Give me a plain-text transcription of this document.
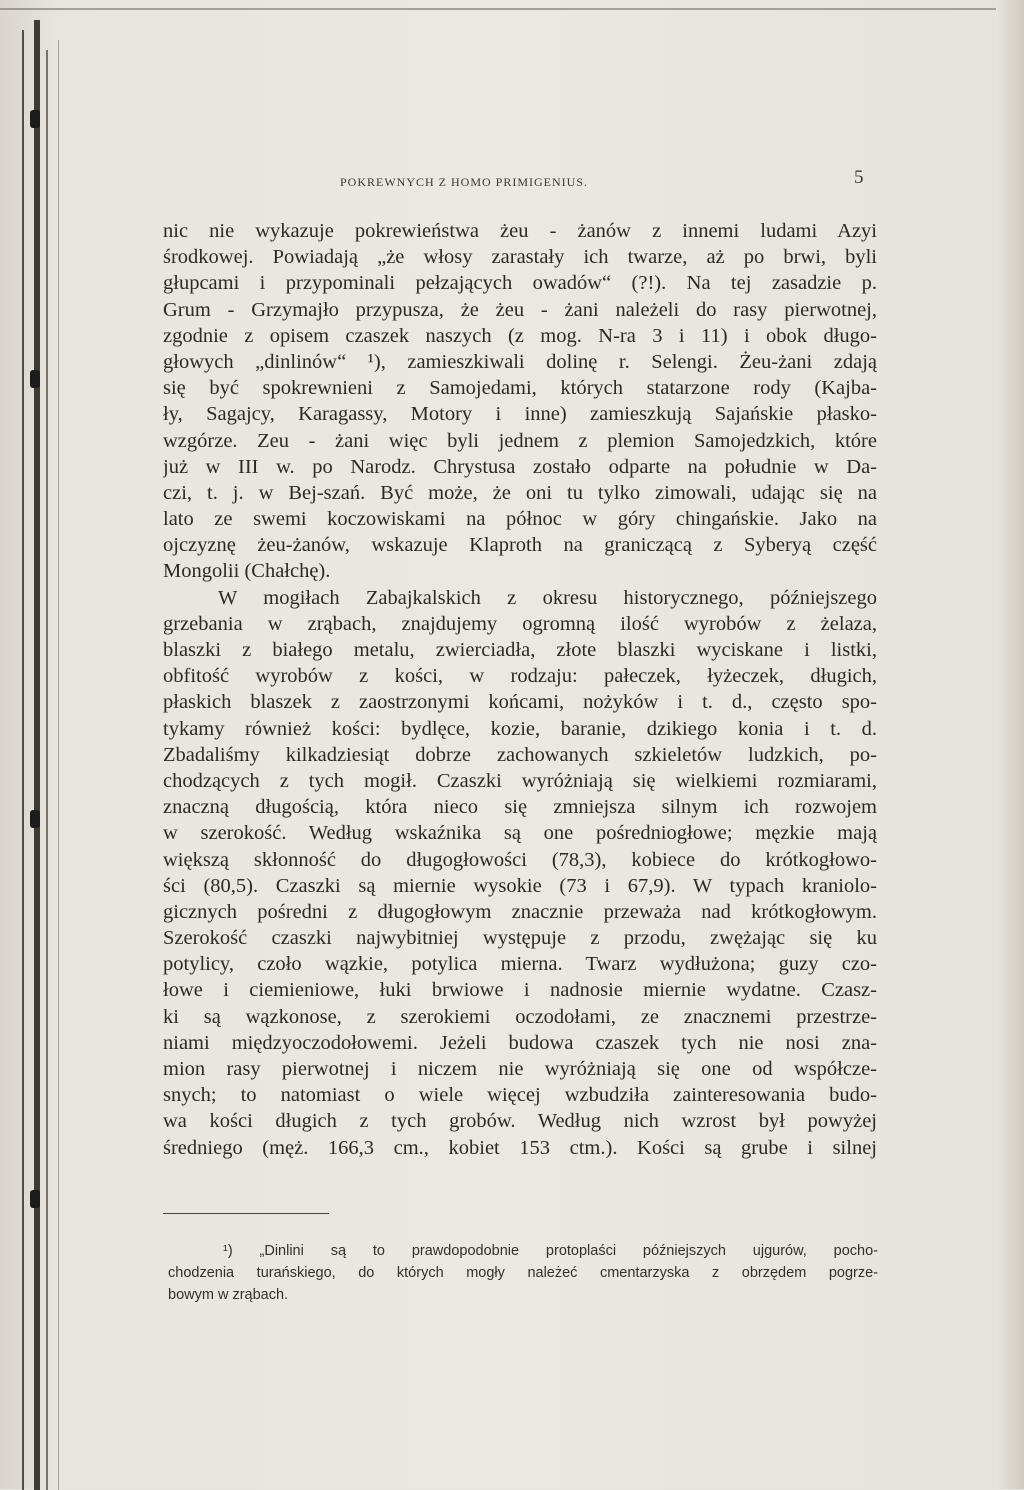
POKREWNYCH Z HOMO PRIMIGENIUS.	5
nic nie wykazuje pokrewieństwa żeu - żanów z innemi ludami Azyi
środkowej. Powiadają „że włosy zarastały ich twarze, aż po brwi, byli
głupcami i przypominali pełzających owadów“ (?!). Na tej zasadzie p.
Grum - Grzymajło przypusza, że żeu - żani należeli do rasy pierwotnej,
zgodnie z opisem czaszek naszych (z mog. N-ra 3 i 11) i obok długo-
głowych „dinlinów“ ¹), zamieszkiwali dolinę r. Selengi. Żeu-żani zdają
się być spokrewnieni z Samojedami, których statarzone rody (Kajba-
ły, Sagajcy, Karagassy, Motory i inne) zamieszkują Sajańskie płasko-
wzgórze. Zeu - żani więc byli jednem z plemion Samojedzkich, które
już w III w. po Narodz. Chrystusa zostało odparte na południe w Da-
czi, t. j. w Bej-szań. Być może, że oni tu tylko zimowali, udając się na
lato ze swemi koczowiskami na północ w góry chingańskie. Jako na
ojczyznę żeu-żanów, wskazuje Klaproth na graniczącą z Syberyą część
Mongolii (Chałchę).
W mogiłach Zabajkalskich z okresu historycznego, późniejszego
grzebania w zrąbach, znajdujemy ogromną ilość wyrobów z żelaza,
blaszki z białego metalu, zwierciadła, złote blaszki wyciskane i listki,
obfitość wyrobów z kości, w rodzaju: pałeczek, łyżeczek, długich,
płaskich blaszek z zaostrzonymi końcami, nożyków i t. d., często spo-
tykamy również kości: bydlęce, kozie, baranie, dzikiego konia i t. d.
Zbadaliśmy kilkadziesiąt dobrze zachowanych szkieletów ludzkich, po-
chodzących z tych mogił. Czaszki wyróżniają się wielkiemi rozmiarami,
znaczną długością, która nieco się zmniejsza silnym ich rozwojem
w szerokość. Według wskaźnika są one pośredniogłowe; męzkie mają
większą skłonność do długogłowości (78,3), kobiece do krótkogłowo-
ści (80,5). Czaszki są miernie wysokie (73 i 67,9). W typach kraniolo-
gicznych pośredni z długogłowym znacznie przeważa nad krótkogłowym.
Szerokość czaszki najwybitniej występuje z przodu, zwężając się ku
potylicy, czoło wązkie, potylica mierna. Twarz wydłużona; guzy czo-
łowe i ciemieniowe, łuki brwiowe i nadnosie miernie wydatne. Czasz-
ki są wązkonose, z szerokiemi oczodołami, ze znacznemi przestrze-
niami międzyoczodołowemi. Jeżeli budowa czaszek tych nie nosi zna-
mion rasy pierwotnej i niczem nie wyróżniają się one od współcze-
snych; to natomiast o wiele więcej wzbudziła zainteresowania budo-
wa kości długich z tych grobów. Według nich wzrost był powyżej
średniego (męż. 166,3 cm., kobiet 153 ctm.). Kości są grube i silnej
¹) „Dinlini są to prawdopodobnie protoplaści późniejszych ujgurów, pocho-
chodzenia turańskiego, do których mogły należeć cmentarzyska z obrzędem pogrze-
bowym w zrąbach.
